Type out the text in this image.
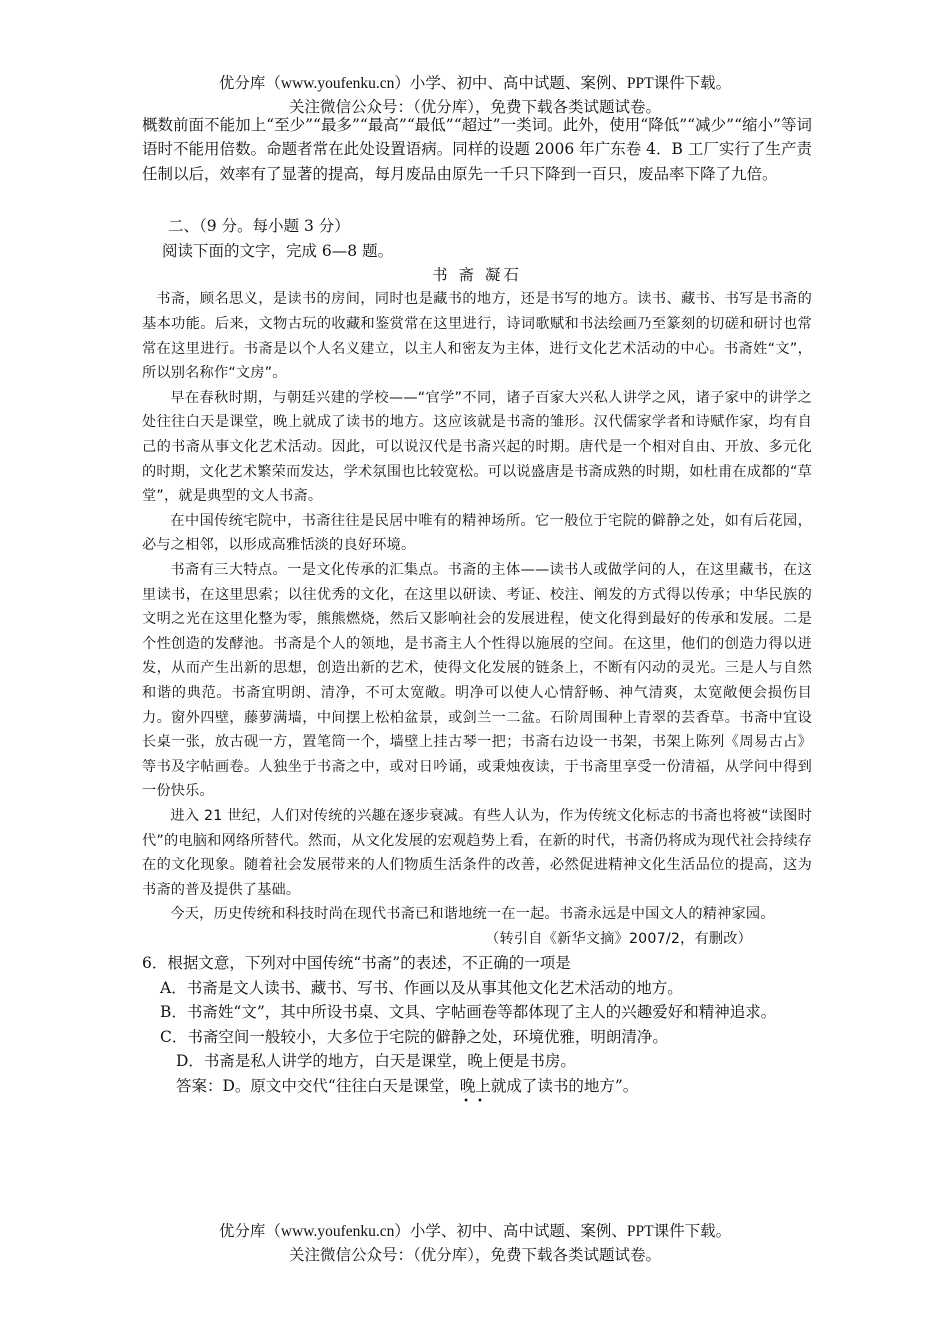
优分库（www.youfenku.cn）小学、初中、高中试题、案例、PPT课件下载。
关注微信公众号：（优分库），免费下载各类试题试卷。

概数前面不能加上“至少”“最多”“最高”“最低”“超过”一类词。此外，使用“降低”“减少”“缩小”等词语时不能用倍数。命题者常在此处设置语病。同样的设题 2006 年广东卷 4．B 工厂实行了生产责任制以后，效率有了显著的提高，每月废品由原先一千只下降到一百只，废品率下降了九倍。

二、（9 分。每小题 3 分）

阅读下面的文字，完成 6—8 题。

书 斋 凝石

书斋，顾名思义，是读书的房间，同时也是藏书的地方，还是书写的地方。读书、藏书、书写是书斋的基本功能。后来，文物古玩的收藏和鉴赏常在这里进行，诗词歌赋和书法绘画乃至篆刻的切磋和研讨也常常在这里进行。书斋是以个人名义建立，以主人和密友为主体，进行文化艺术活动的中心。书斋姓“文”，所以别名称作“文房”。

早在春秋时期，与朝廷兴建的学校——“官学”不同，诸子百家大兴私人讲学之风，诸子家中的讲学之处往往白天是课堂，晚上就成了读书的地方。这应该就是书斋的雏形。汉代儒家学者和诗赋作家，均有自己的书斋从事文化艺术活动。因此，可以说汉代是书斋兴起的时期。唐代是一个相对自由、开放、多元化的时期，文化艺术繁荣而发达，学术氛围也比较宽松。可以说盛唐是书斋成熟的时期，如杜甫在成都的“草堂”，就是典型的文人书斋。

在中国传统宅院中，书斋往往是民居中唯有的精神场所。它一般位于宅院的僻静之处，如有后花园，必与之相邻，以形成高雅恬淡的良好环境。

书斋有三大特点。一是文化传承的汇集点。书斋的主体——读书人或做学问的人，在这里藏书，在这里读书，在这里思索；以往优秀的文化，在这里以研读、考证、校注、阐发的方式得以传承；中华民族的文明之光在这里化整为零，熊熊燃烧，然后又影响社会的发展进程，使文化得到最好的传承和发展。二是个性创造的发酵池。书斋是个人的领地，是书斋主人个性得以施展的空间。在这里，他们的创造力得以迸发，从而产生出新的思想，创造出新的艺术，使得文化发展的链条上，不断有闪动的灵光。三是人与自然和谐的典范。书斋宜明朗、清净，不可太宽敞。明净可以使人心情舒畅、神气清爽，太宽敞便会损伤目力。窗外四壁，藤萝满墙，中间摆上松柏盆景，或剑兰一二盆。石阶周围种上青翠的芸香草。书斋中宜设长桌一张，放古砚一方，置笔筒一个，墙壁上挂古琴一把；书斋右边设一书架，书架上陈列《周易古占》等书及字帖画卷。人独坐于书斋之中，或对日吟诵，或秉烛夜读，于书斋里享受一份清福，从学问中得到一份快乐。

进入 21 世纪，人们对传统的兴趣在逐步衰减。有些人认为，作为传统文化标志的书斋也将被“读图时代”的电脑和网络所替代。然而，从文化发展的宏观趋势上看，在新的时代，书斋仍将成为现代社会持续存在的文化现象。随着社会发展带来的人们物质生活条件的改善，必然促进精神文化生活品位的提高，这为书斋的普及提供了基础。

今天，历史传统和科技时尚在现代书斋已和谐地统一在一起。书斋永远是中国文人的精神家园。

（转引自《新华文摘》2007/2，有删改）

6．根据文意，下列对中国传统“书斋”的表述，不正确的一项是

A．书斋是文人读书、藏书、写书、作画以及从事其他文化艺术活动的地方。

B．书斋姓“文”，其中所设书桌、文具、字帖画卷等都体现了主人的兴趣爱好和精神追求。

C．书斋空间一般较小，大多位于宅院的僻静之处，环境优雅，明朗清净。

D．书斋是私人讲学的地方，白天是课堂，晚上便是书房。

答案：D。原文中交代“往往白天是课堂，晚上就成了读书的地方”。

••

优分库（www.youfenku.cn）小学、初中、高中试题、案例、PPT课件下载。
关注微信公众号：（优分库），免费下载各类试题试卷。
